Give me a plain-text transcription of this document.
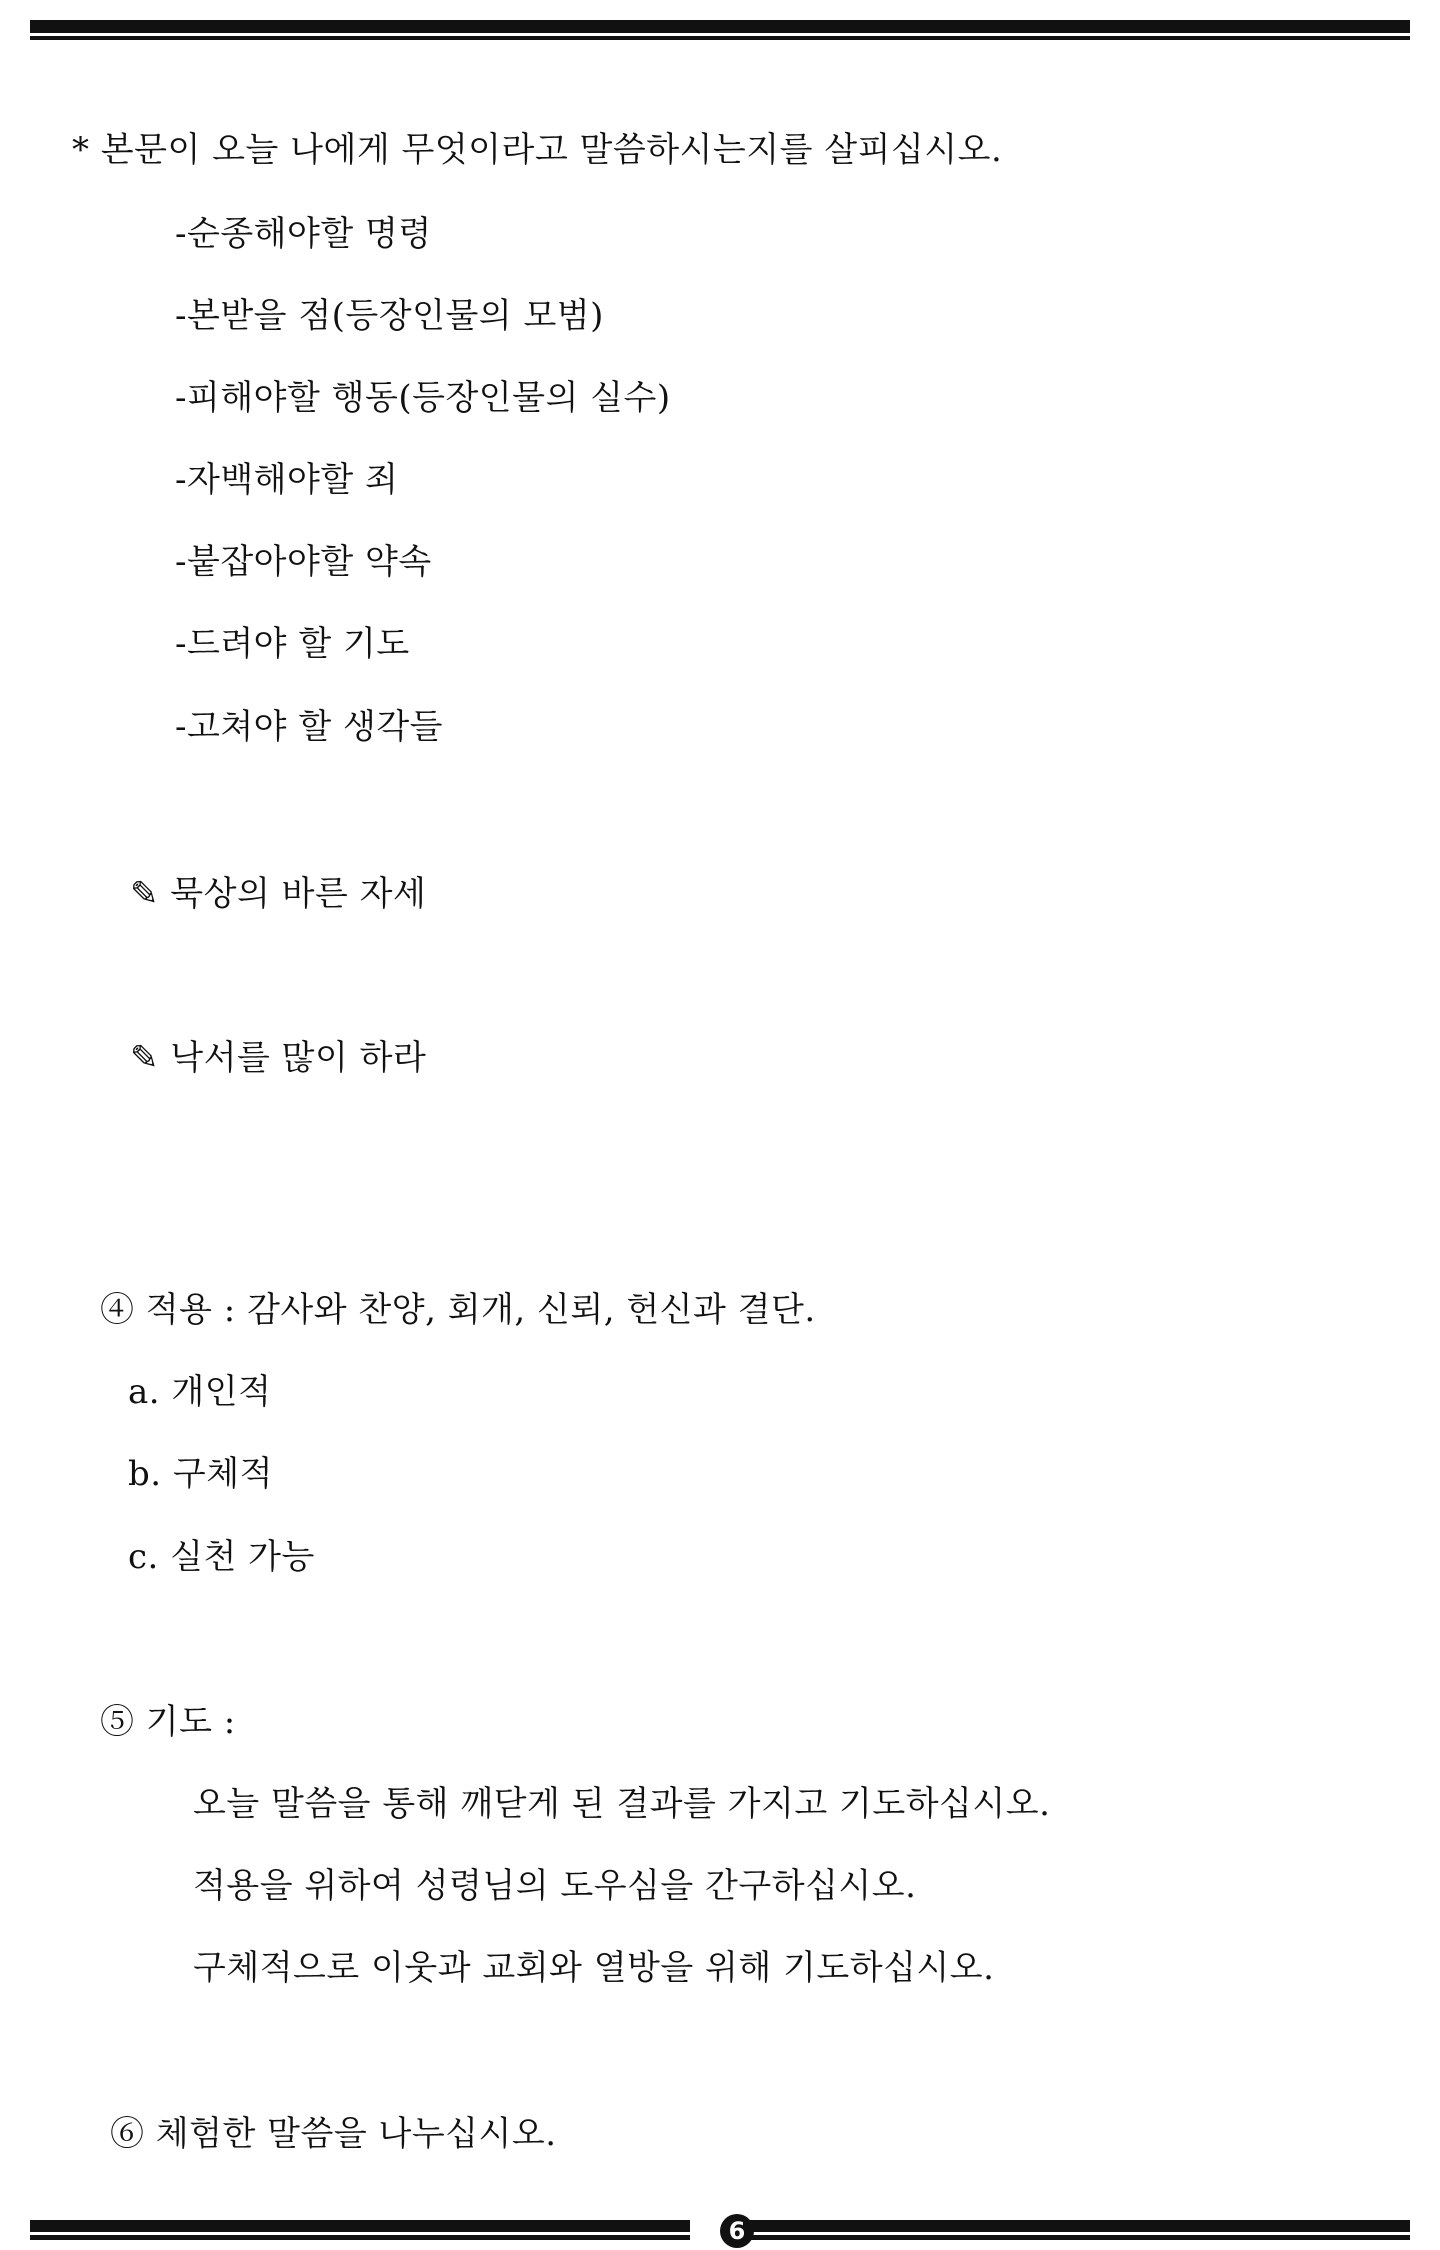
* 본문이 오늘 나에게 무엇이라고 말씀하시는지를 살피십시오.
-순종해야할 명령
-본받을 점(등장인물의 모범)
-피해야할 행동(등장인물의 실수)
-자백해야할 죄
-붙잡아야할 약속
-드려야 할 기도
-고쳐야 할 생각들
✎ 묵상의 바른 자세
✎ 낙서를 많이 하라
④ 적용 : 감사와 찬양, 회개, 신뢰, 헌신과 결단.
a. 개인적
b. 구체적
c. 실천 가능
⑤ 기도 :
오늘 말씀을 통해 깨닫게 된 결과를 가지고 기도하십시오.
적용을 위하여 성령님의 도우심을 간구하십시오.
구체적으로 이웃과 교회와 열방을 위해 기도하십시오.
⑥ 체험한 말씀을 나누십시오.
6
